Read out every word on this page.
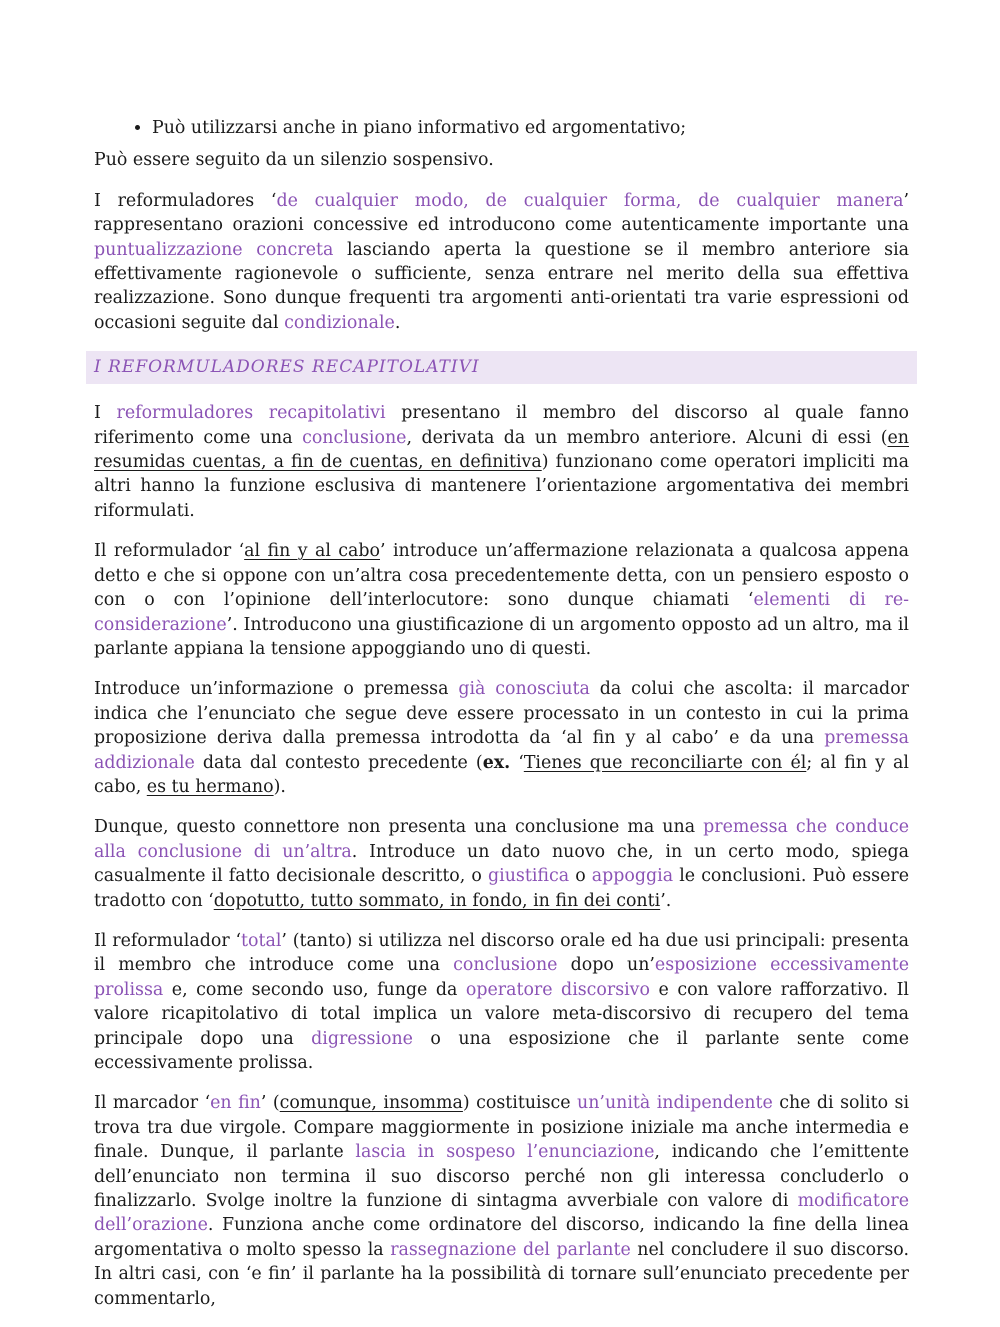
• Può utilizzarsi anche in piano informativo ed argomentativo;

Può essere seguito da un silenzio sospensivo.

I reformuladores ‘de cualquier modo, de cualquier forma, de cualquier manera’ rappresentano orazioni concessive ed introducono come autenticamente importante una puntualizzazione concreta lasciando aperta la questione se il membro anteriore sia effettivamente ragionevole o sufficiente, senza entrare nel merito della sua effettiva realizzazione. Sono dunque frequenti tra argomenti anti-orientati tra varie espressioni od occasioni seguite dal condizionale.

I REFORMULADORES RECAPITOLATIVI

I reformuladores recapitolativi presentano il membro del discorso al quale fanno riferimento come una conclusione, derivata da un membro anteriore. Alcuni di essi (en resumidas cuentas, a fin de cuentas, en definitiva) funzionano come operatori impliciti ma altri hanno la funzione esclusiva di mantenere l’orientazione argomentativa dei membri riformulati.

Il reformulador ‘al fin y al cabo’ introduce un’affermazione relazionata a qualcosa appena detto e che si oppone con un’altra cosa precedentemente detta, con un pensiero esposto o con o con l’opinione dell’interlocutore: sono dunque chiamati ‘elementi di re-considerazione’. Introducono una giustificazione di un argomento opposto ad un altro, ma il parlante appiana la tensione appoggiando uno di questi.

Introduce un’informazione o premessa già conosciuta da colui che ascolta: il marcador indica che l’enunciato che segue deve essere processato in un contesto in cui la prima proposizione deriva dalla premessa introdotta da ‘al fin y al cabo’ e da una premessa addizionale data dal contesto precedente (ex. ‘Tienes que reconciliarte con él; al fin y al cabo, es tu hermano).

Dunque, questo connettore non presenta una conclusione ma una premessa che conduce alla conclusione di un’altra. Introduce un dato nuovo che, in un certo modo, spiega casualmente il fatto decisionale descritto, o giustifica o appoggia le conclusioni. Può essere tradotto con ‘dopotutto, tutto sommato, in fondo, in fin dei conti’.

Il reformulador ‘total’ (tanto) si utilizza nel discorso orale ed ha due usi principali: presenta il membro che introduce come una conclusione dopo un’esposizione eccessivamente prolissa e, come secondo uso, funge da operatore discorsivo e con valore rafforzativo. Il valore ricapitolativo di total implica un valore meta-discorsivo di recupero del tema principale dopo una digressione o una esposizione che il parlante sente come eccessivamente prolissa.

Il marcador ‘en fin’ (comunque, insomma) costituisce un’unità indipendente che di solito si trova tra due virgole. Compare maggiormente in posizione iniziale ma anche intermedia e finale. Dunque, il parlante lascia in sospeso l’enunciazione, indicando che l’emittente dell’enunciato non termina il suo discorso perché non gli interessa concluderlo o finalizzarlo. Svolge inoltre la funzione di sintagma avverbiale con valore di modificatore dell’orazione. Funziona anche come ordinatore del discorso, indicando la fine della linea argomentativa o molto spesso la rassegnazione del parlante nel concludere il suo discorso. In altri casi, con ‘e fin’ il parlante ha la possibilità di tornare sull’enunciato precedente per commentarlo,
